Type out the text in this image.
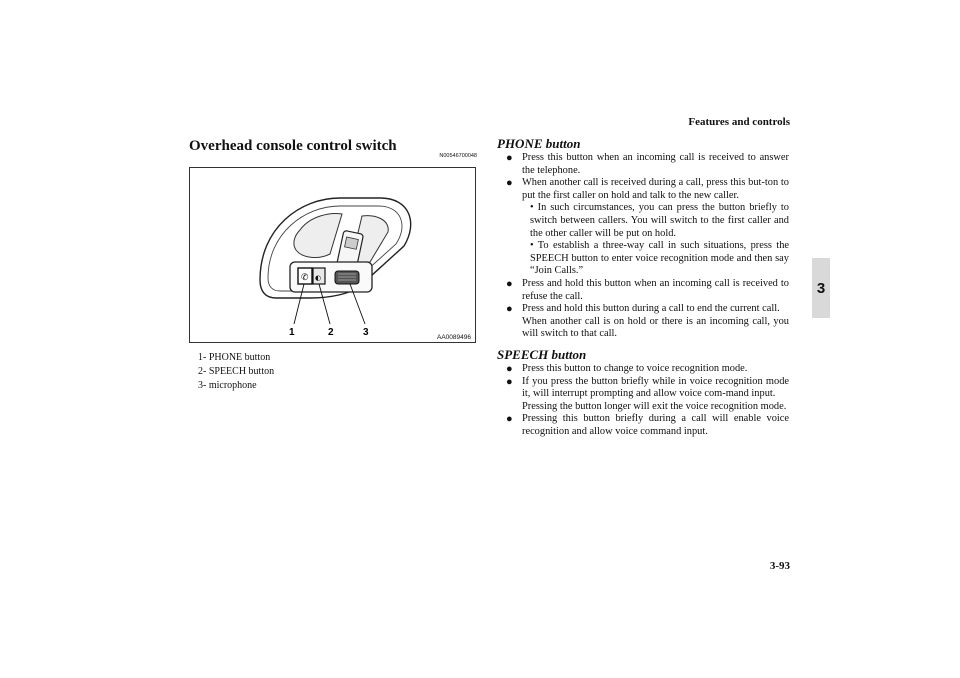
Features and controls
3
Overhead console control switch
N00546700048
✆ ◐
1	2	3	AA0089496
1- PHONE button
2- SPEECH button
3- microphone
PHONE button
● Press this button when an incoming call is received to answer the telephone.
● When another call is received during a call, press this but-ton to put the first caller on hold and talk to the new caller.
• In such circumstances, you can press the button briefly to switch between callers. You will switch to the first caller and the other caller will be put on hold.
• To establish a three-way call in such situations, press the SPEECH button to enter voice recognition mode and then say “Join Calls.”
● Press and hold this button when an incoming call is received to refuse the call.
● Press and hold this button during a call to end the current call.
When another call is on hold or there is an incoming call, you will switch to that call.
SPEECH button
● Press this button to change to voice recognition mode.
● If you press the button briefly while in voice recognition mode it, will interrupt prompting and allow voice com-mand input.
Pressing the button longer will exit the voice recognition mode.
● Pressing this button briefly during a call will enable voice recognition and allow voice command input.
3-93
